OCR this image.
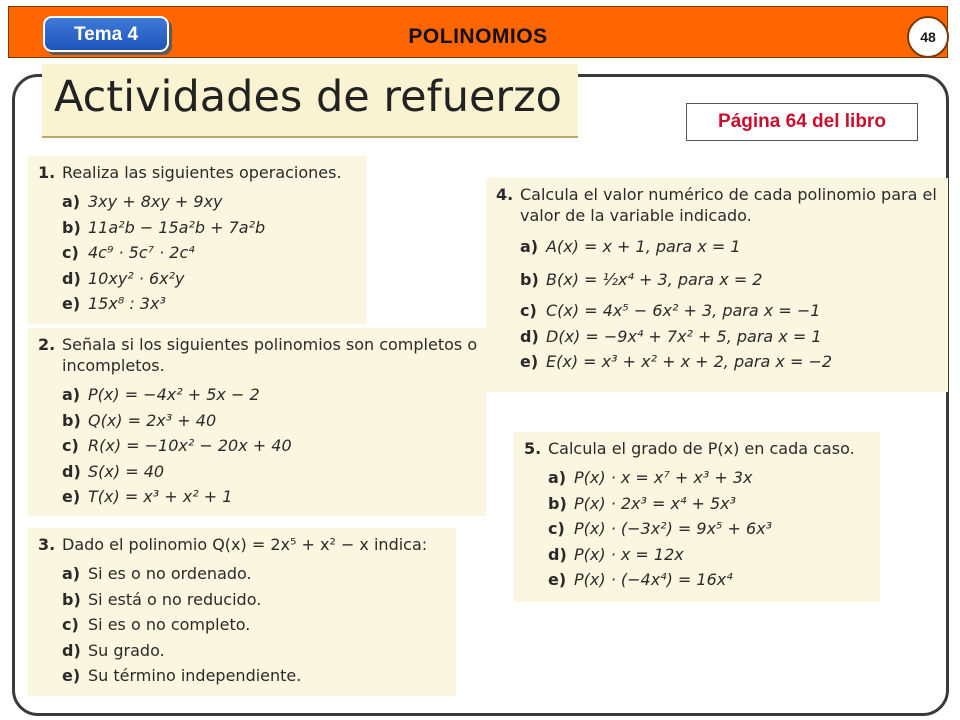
POLINOMIOS
Tema 4	48
Actividades de refuerzo	Página 64 del libro
1. Realiza las siguientes operaciones.
a) 3xy + 8xy + 9xy
b) 11a²b − 15a²b + 7a²b
c) 4c⁹ · 5c⁷ · 2c⁴
d) 10xy² · 6x²y
e) 15x⁸ : 3x³
2. Señala si los siguientes polinomios son completos o incompletos.
a) P(x) = −4x² + 5x − 2
b) Q(x) = 2x³ + 40
c) R(x) = −10x² − 20x + 40
d) S(x) = 40
e) T(x) = x³ + x² + 1
3. Dado el polinomio Q(x) = 2x⁵ + x² − x indica:
a) Si es o no ordenado.
b) Si está o no reducido.
c) Si es o no completo.
d) Su grado.
e) Su término independiente.
4. Calcula el valor numérico de cada polinomio para el valor de la variable indicado.
a) A(x) = x + 1, para x = 1
b) B(x) = ½x⁴ + 3, para x = 2
c) C(x) = 4x⁵ − 6x² + 3, para x = −1
d) D(x) = −9x⁴ + 7x² + 5, para x = 1
e) E(x) = x³ + x² + x + 2, para x = −2
5. Calcula el grado de P(x) en cada caso.
a) P(x) · x = x⁷ + x³ + 3x
b) P(x) · 2x³ = x⁴ + 5x³
c) P(x) · (−3x²) = 9x⁵ + 6x³
d) P(x) · x = 12x
e) P(x) · (−4x⁴) = 16x⁴
